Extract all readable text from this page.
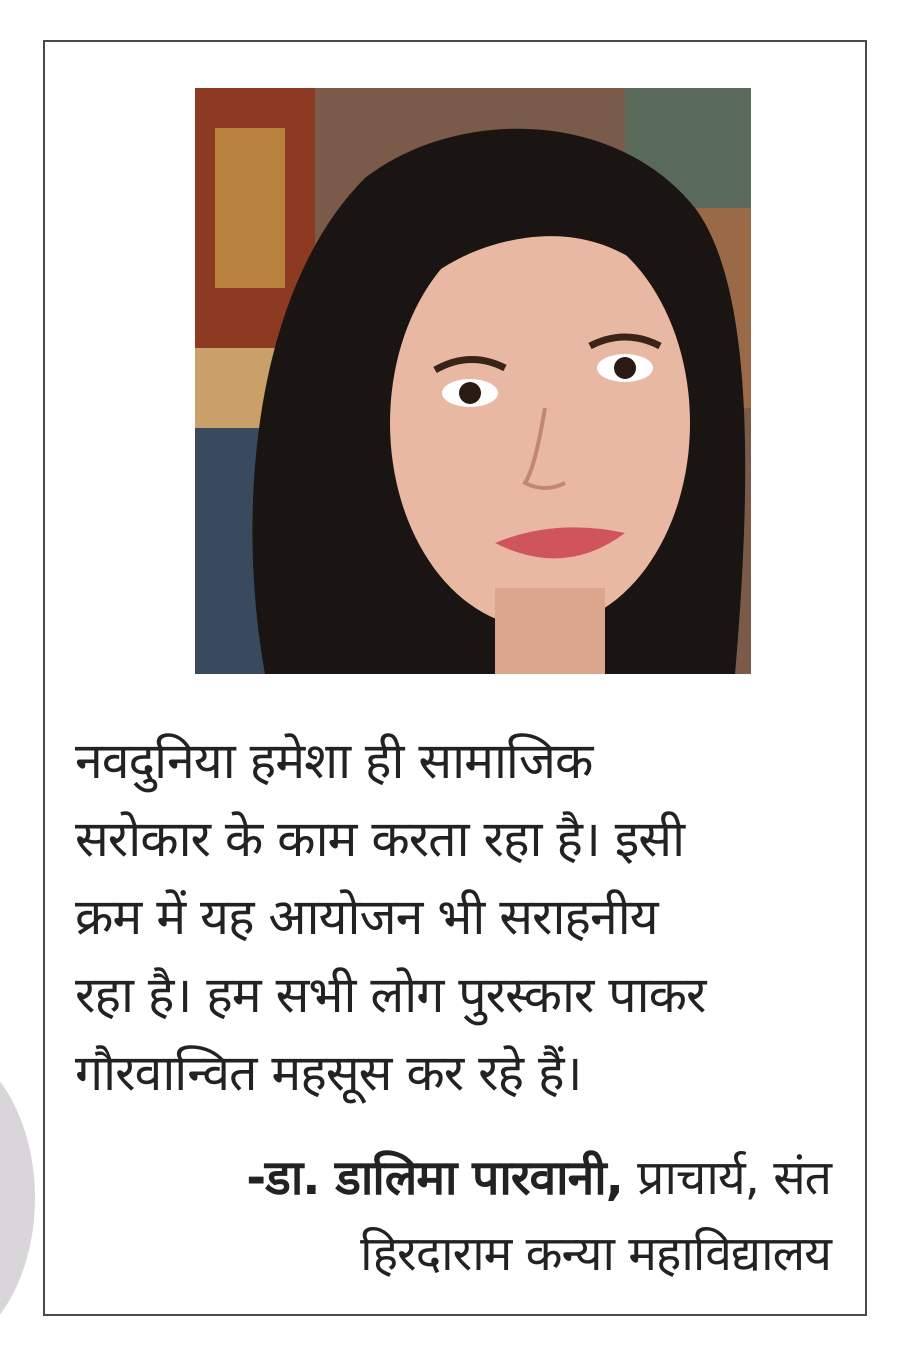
नवदुनिया हमेशा ही सामाजिक
सरोकार के काम करता रहा है। इसी
क्रम में यह आयोजन भी सराहनीय
रहा है। हम सभी लोग पुरस्कार पाकर
गौरवान्वित महसूस कर रहे हैं।
-डा. डालिमा पारवानी, प्राचार्य, संत
हिरदाराम कन्या महाविद्यालय
